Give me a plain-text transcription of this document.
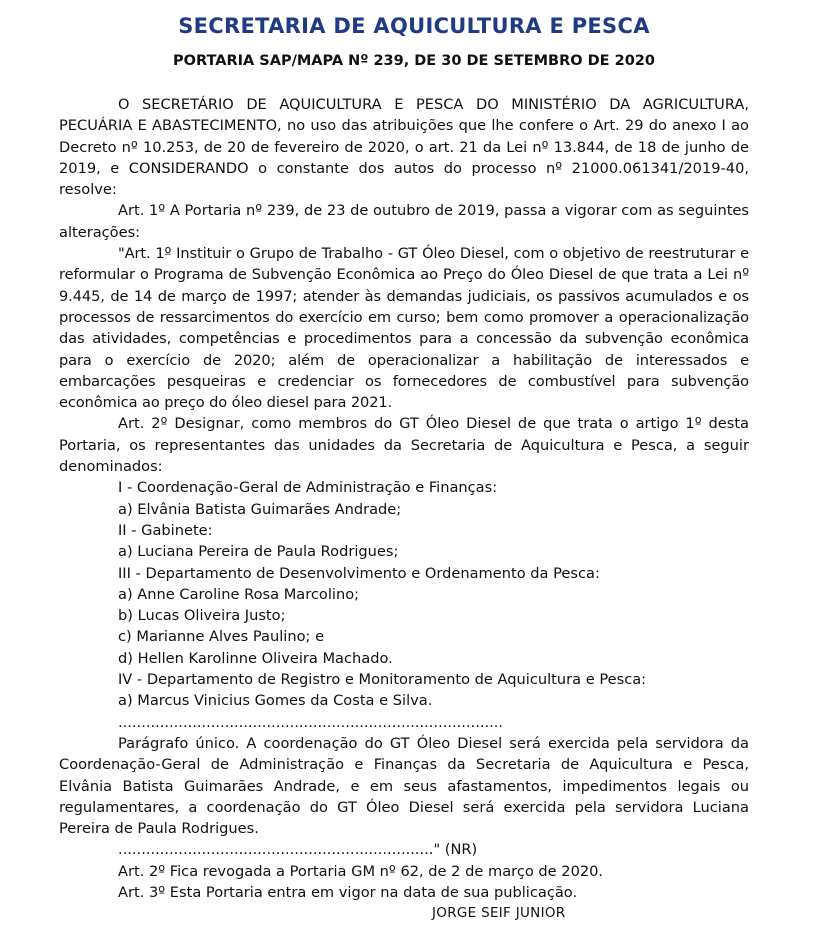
SECRETARIA DE AQUICULTURA E PESCA
PORTARIA SAP/MAPA Nº 239, DE 30 DE SETEMBRO DE 2020

O SECRETÁRIO DE AQUICULTURA E PESCA DO MINISTÉRIO DA AGRICULTURA, PECUÁRIA E ABASTECIMENTO, no uso das atribuições que lhe confere o Art. 29 do anexo I ao Decreto nº 10.253, de 20 de fevereiro de 2020, o art. 21 da Lei nº 13.844, de 18 de junho de 2019, e CONSIDERANDO o constante dos autos do processo nº 21000.061341/2019-40, resolve:

Art. 1º A Portaria nº 239, de 23 de outubro de 2019, passa a vigorar com as seguintes alterações:

"Art. 1º Instituir o Grupo de Trabalho - GT Óleo Diesel, com o objetivo de reestruturar e reformular o Programa de Subvenção Econômica ao Preço do Óleo Diesel de que trata a Lei nº 9.445, de 14 de março de 1997; atender às demandas judiciais, os passivos acumulados e os processos de ressarcimentos do exercício em curso; bem como promover a operacionalização das atividades, competências e procedimentos para a concessão da subvenção econômica para o exercício de 2020; além de operacionalizar a habilitação de interessados e embarcações pesqueiras e credenciar os fornecedores de combustível para subvenção econômica ao preço do óleo diesel para 2021.

Art. 2º Designar, como membros do GT Óleo Diesel de que trata o artigo 1º desta Portaria, os representantes das unidades da Secretaria de Aquicultura e Pesca, a seguir denominados:

I - Coordenação-Geral de Administração e Finanças:

a) Elvânia Batista Guimarães Andrade;

II - Gabinete:

a) Luciana Pereira de Paula Rodrigues;

III - Departamento de Desenvolvimento e Ordenamento da Pesca:

a) Anne Caroline Rosa Marcolino;

b) Lucas Oliveira Justo;

c) Marianne Alves Paulino; e

d) Hellen Karolinne Oliveira Machado.

IV - Departamento de Registro e Monitoramento de Aquicultura e Pesca:

a) Marcus Vinicius Gomes da Costa e Silva.

...................................................................................

Parágrafo único. A coordenação do GT Óleo Diesel será exercida pela servidora da Coordenação-Geral de Administração e Finanças da Secretaria de Aquicultura e Pesca, Elvânia Batista Guimarães Andrade, e em seus afastamentos, impedimentos legais ou regulamentares, a coordenação do GT Óleo Diesel será exercida pela servidora Luciana Pereira de Paula Rodrigues.

...................................................................." (NR)

Art. 2º Fica revogada a Portaria GM nº 62, de 2 de março de 2020.

Art. 3º Esta Portaria entra em vigor na data de sua publicação.

JORGE SEIF JUNIOR
